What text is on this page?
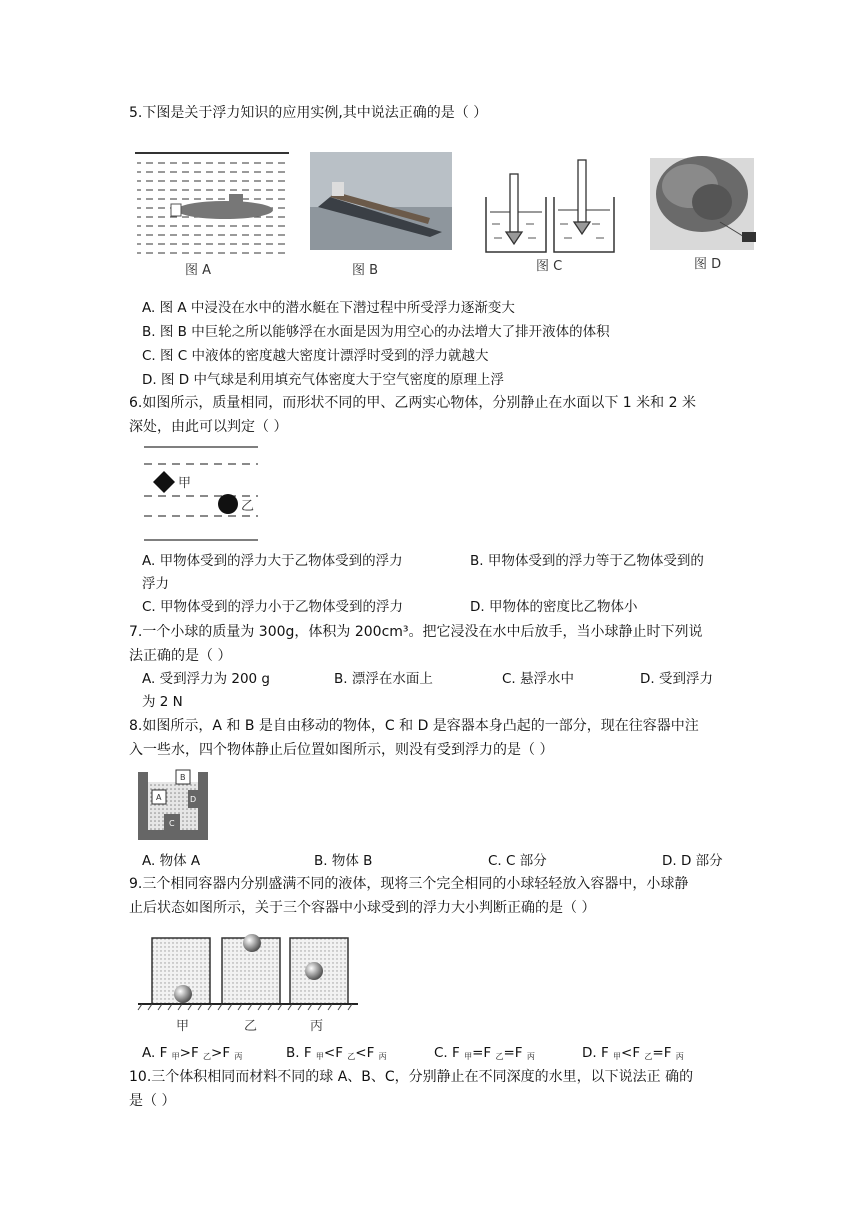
5.下图是关于浮力知识的应用实例,其中说法正确的是（ ）
图 A	图 B	图 C	图 D
A. 图 A 中浸没在水中的潜水艇在下潜过程中所受浮力逐渐变大
B. 图 B 中巨轮之所以能够浮在水面是因为用空心的办法增大了排开液体的体积
C. 图 C 中液体的密度越大密度计漂浮时受到的浮力就越大
D. 图 D 中气球是利用填充气体密度大于空气密度的原理上浮
6.如图所示，质量相同，而形状不同的甲、乙两实心物体，分别静止在水面以下 1 米和 2 米
深处，由此可以判定（ ）
甲
乙
A. 甲物体受到的浮力大于乙物体受到的浮力	B. 甲物体受到的浮力等于乙物体受到的
浮力
C. 甲物体受到的浮力小于乙物体受到的浮力	D. 甲物体的密度比乙物体小
7.一个小球的质量为 300g，体积为 200cm³。把它浸没在水中后放手，当小球静止时下列说
法正确的是（ ）
A. 受到浮力为 200 g	B. 漂浮在水面上	C. 悬浮水中	D. 受到浮力
为 2 N
8.如图所示，A 和 B 是自由移动的物体，C 和 D 是容器本身凸起的一部分，现在往容器中注
入一些水，四个物体静止后位置如图所示，则没有受到浮力的是（ ）
C
D
A
B
A. 物体 A	B. 物体 B	C. C 部分	D. D 部分
9.三个相同容器内分别盛满不同的液体，现将三个完全相同的小球轻轻放入容器中，小球静
止后状态如图所示，关于三个容器中小球受到的浮力大小判断正确的是（ ）
甲	乙	丙
A. F $_甲$>F $_乙$>F $_丙$	B. F $_甲$<F $_乙$<F $_丙$	C. F $_甲$=F $_乙$=F $_丙$	D. F $_甲$<F $_乙$=F $_丙$
10.三个体积相同而材料不同的球 A、B、C，分别静止在不同深度的水里，以下说法正 确的
是（ ）
